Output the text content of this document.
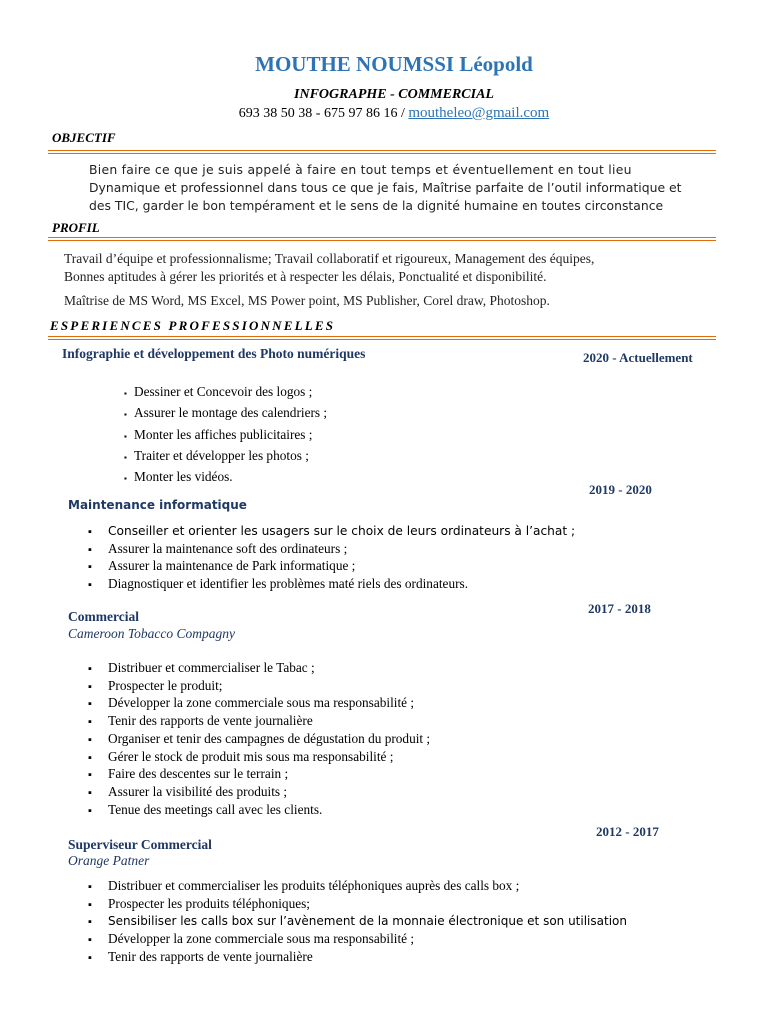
MOUTHE NOUMSSI Léopold
INFOGRAPHE - COMMERCIAL
693 38 50 38 - 675 97 86 16 / moutheleo@gmail.com
OBJECTIF
Bien faire ce que je suis appelé à faire en tout temps et éventuellement en tout lieu
Dynamique et professionnel dans tous ce que je fais, Maîtrise parfaite de l’outil informatique et
des TIC, garder le bon tempérament et le sens de la dignité humaine en toutes circonstance
PROFIL
Travail d’équipe et professionnalisme; Travail collaboratif et rigoureux, Management des équipes,
Bonnes aptitudes à gérer les priorités et à respecter les délais, Ponctualité et disponibilité.
Maîtrise de MS Word, MS Excel, MS Power point, MS Publisher, Corel draw, Photoshop.
ESPERIENCES PROFESSIONNELLES
Infographie et développement des Photo numériques	2020 - Actuellement
▪ Dessiner et Concevoir des logos ;
▪ Assurer le montage des calendriers ;
▪ Monter les affiches publicitaires ;
▪ Traiter et développer les photos ;
▪ Monter les vidéos.
2019 - 2020
Maintenance informatique
▪ Conseiller et orienter les usagers sur le choix de leurs ordinateurs à l’achat ;
▪ Assurer la maintenance soft des ordinateurs ;
▪ Assurer la maintenance de Park informatique ;
▪ Diagnostiquer et identifier les problèmes maté riels des ordinateurs.
2017 - 2018
Commercial
Cameroon Tobacco Compagny
▪ Distribuer et commercialiser le Tabac ;
▪ Prospecter le produit;
▪ Développer la zone commerciale sous ma responsabilité ;
▪ Tenir des rapports de vente journalière
▪ Organiser et tenir des campagnes de dégustation du produit ;
▪ Gérer le stock de produit mis sous ma responsabilité ;
▪ Faire des descentes sur le terrain ;
▪ Assurer la visibilité des produits ;
▪ Tenue des meetings call avec les clients.
2012 - 2017
Superviseur Commercial
Orange Patner
▪ Distribuer et commercialiser les produits téléphoniques auprès des calls box ;
▪ Prospecter les produits téléphoniques;
▪ Sensibiliser les calls box sur l’avènement de la monnaie électronique et son utilisation
▪ Développer la zone commerciale sous ma responsabilité ;
▪ Tenir des rapports de vente journalière
